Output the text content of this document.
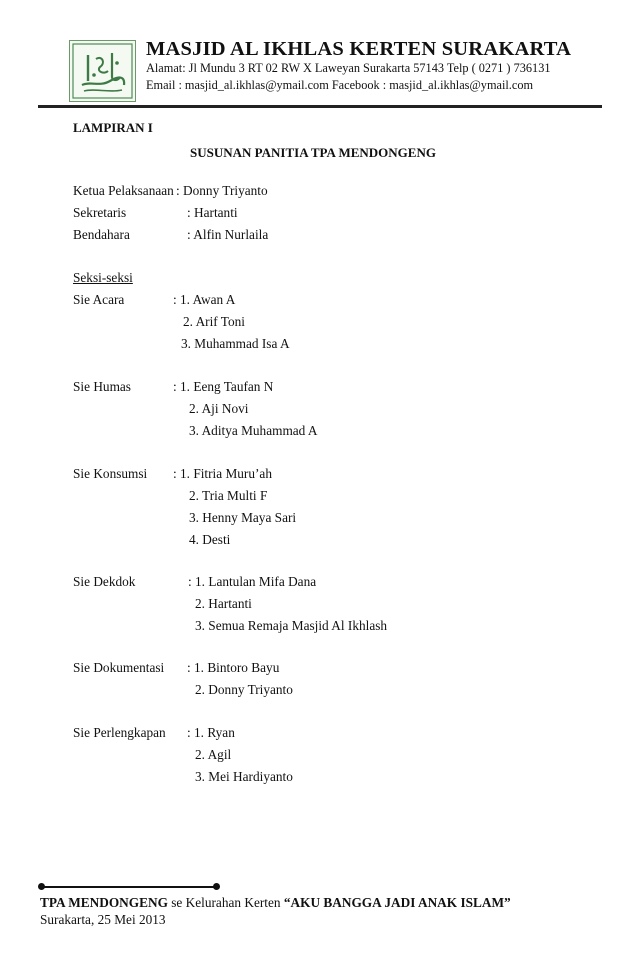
MASJID AL IKHLAS KERTEN SURAKARTA
Alamat: Jl Mundu 3 RT 02 RW X Laweyan Surakarta 57143 Telp ( 0271 ) 736131
Email : masjid_al.ikhlas@ymail.com Facebook : masjid_al.ikhlas@ymail.com
LAMPIRAN I
SUSUNAN PANITIA TPA MENDONGENG
Ketua Pelaksanaan : Donny Triyanto
Sekretaris	: Hartanti
Bendahara	: Alfin Nurlaila
Seksi-seksi
Sie Acara	: 1. Awan A
2. Arif Toni
3. Muhammad Isa A
Sie Humas	: 1. Eeng Taufan N
2. Aji Novi
3. Aditya Muhammad A
Sie Konsumsi : 1. Fitria Muru’ah
2. Tria Multi F
3. Henny Maya Sari
4. Desti
Sie Dekdok	: 1. Lantulan Mifa Dana
2. Hartanti
3. Semua Remaja Masjid Al Ikhlash
Sie Dokumentasi : 1. Bintoro Bayu
2. Donny Triyanto
Sie Perlengkapan : 1. Ryan
2. Agil
3. Mei Hardiyanto
TPA MENDONGENG se Kelurahan Kerten “AKU BANGGA JADI ANAK ISLAM”
Surakarta, 25 Mei 2013
